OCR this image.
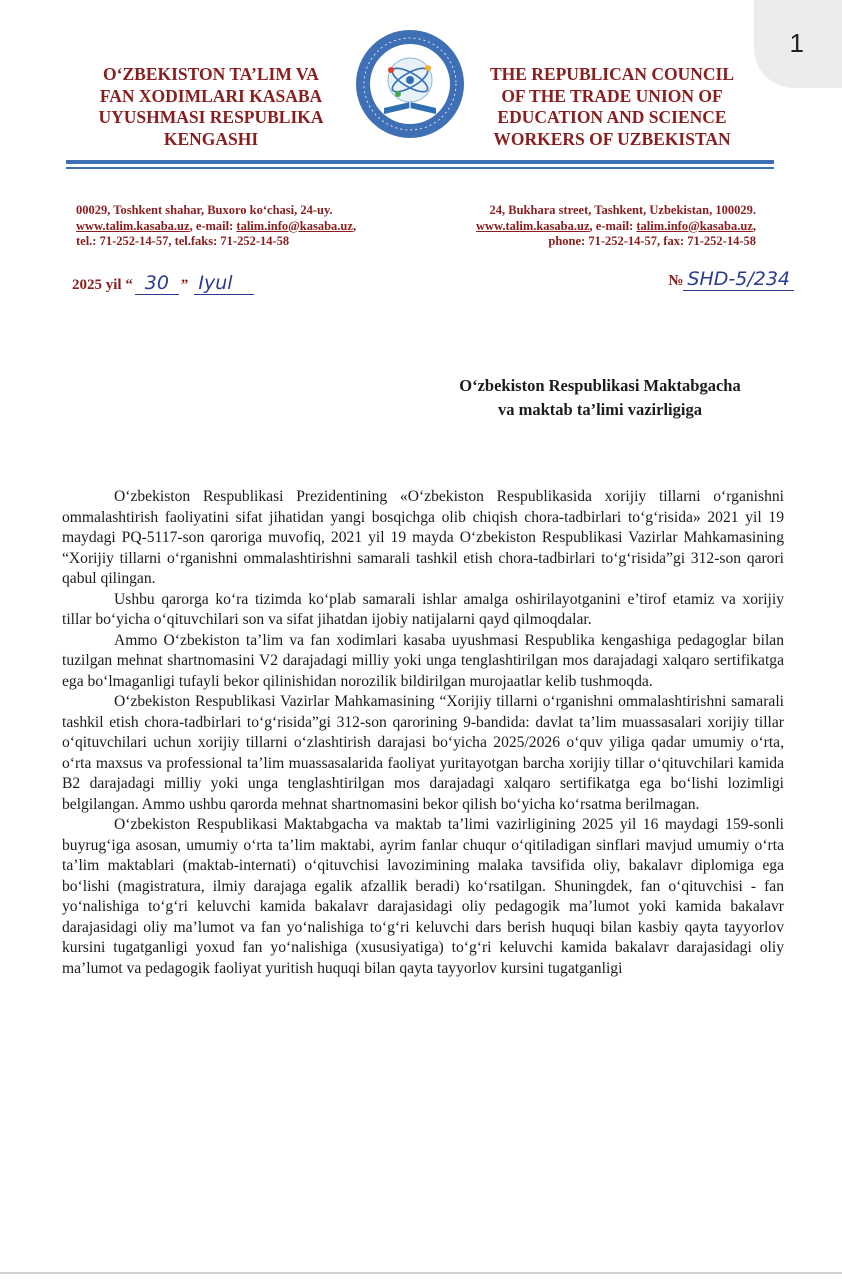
1
O‘ZBEKISTON TA’LIM VA
FAN XODIMLARI KASABA
UYUSHMASI RESPUBLIKA
KENGASHI
THE REPUBLICAN COUNCIL
OF THE TRADE UNION OF
EDUCATION AND SCIENCE
WORKERS OF UZBEKISTAN
00029, Toshkent shahar, Buxoro ko‘chasi, 24-uy.
www.talim.kasaba.uz, e-mail: talim.info@kasaba.uz,
tel.: 71-252-14-57, tel.faks: 71-252-14-58
24, Bukhara street, Tashkent, Uzbekistan, 100029.
www.talim.kasaba.uz, e-mail: talim.info@kasaba.uz,
phone: 71-252-14-57, fax: 71-252-14-58
2025 yil “ 30 ” Iyul	№ SHD-5/234
O‘zbekiston Respublikasi Maktabgacha
va maktab ta’limi vazirligiga

O‘zbekiston Respublikasi Prezidentining «O‘zbekiston Respublikasida xorijiy tillarni o‘rganishni ommalashtirish faoliyatini sifat jihatidan yangi bosqichga olib chiqish chora-tadbirlari to‘g‘risida» 2021 yil 19 maydagi PQ-5117-son qaroriga muvofiq, 2021 yil 19 mayda O‘zbekiston Respublikasi Vazirlar Mahkamasining “Xorijiy tillarni o‘rganishni ommalashtirishni samarali tashkil etish chora-tadbirlari to‘g‘risida”gi 312-son qarori qabul qilingan.

Ushbu qarorga ko‘ra tizimda ko‘plab samarali ishlar amalga oshirilayotganini e’tirof etamiz va xorijiy tillar bo‘yicha o‘qituvchilari son va sifat jihatdan ijobiy natijalarni qayd qilmoqdalar.

Ammo O‘zbekiston ta’lim va fan xodimlari kasaba uyushmasi Respublika kengashiga pedagoglar bilan tuzilgan mehnat shartnomasini V2 darajadagi milliy yoki unga tenglashtirilgan mos darajadagi xalqaro sertifikatga ega bo‘lmaganligi tufayli bekor qilinishidan norozilik bildirilgan murojaatlar kelib tushmoqda.

O‘zbekiston Respublikasi Vazirlar Mahkamasining “Xorijiy tillarni o‘rganishni ommalashtirishni samarali tashkil etish chora-tadbirlari to‘g‘risida”gi 312-son qarorining 9-bandida: davlat ta’lim muassasalari xorijiy tillar o‘qituvchilari uchun xorijiy tillarni o‘zlashtirish darajasi bo‘yicha 2025/2026 o‘quv yiliga qadar umumiy o‘rta, o‘rta maxsus va professional ta’lim muassasalarida faoliyat yuritayotgan barcha xorijiy tillar o‘qituvchilari kamida B2 darajadagi milliy yoki unga tenglashtirilgan mos darajadagi xalqaro sertifikatga ega bo‘lishi lozimligi belgilangan. Ammo ushbu qarorda mehnat shartnomasini bekor qilish bo‘yicha ko‘rsatma berilmagan.

O‘zbekiston Respublikasi Maktabgacha va maktab ta’limi vazirligining 2025 yil 16 maydagi 159-sonli buyrug‘iga asosan, umumiy o‘rta ta’lim maktabi, ayrim fanlar chuqur o‘qitiladigan sinflari mavjud umumiy o‘rta ta’lim maktablari (maktab-internati) o‘qituvchisi lavozimining malaka tavsifida oliy, bakalavr diplomiga ega bo‘lishi (magistratura, ilmiy darajaga egalik afzallik beradi) ko‘rsatilgan. Shuningdek, fan o‘qituvchisi - fan yo‘nalishiga to‘g‘ri keluvchi kamida bakalavr darajasidagi oliy pedagogik ma’lumot yoki kamida bakalavr darajasidagi oliy ma’lumot va fan yo‘nalishiga to‘g‘ri keluvchi dars berish huquqi bilan kasbiy qayta tayyorlov kursini tugatganligi yoxud fan yo‘nalishiga (xususiyatiga) to‘g‘ri keluvchi kamida bakalavr darajasidagi oliy ma’lumot va pedagogik faoliyat yuritish huquqi bilan qayta tayyorlov kursini tugatganligi
